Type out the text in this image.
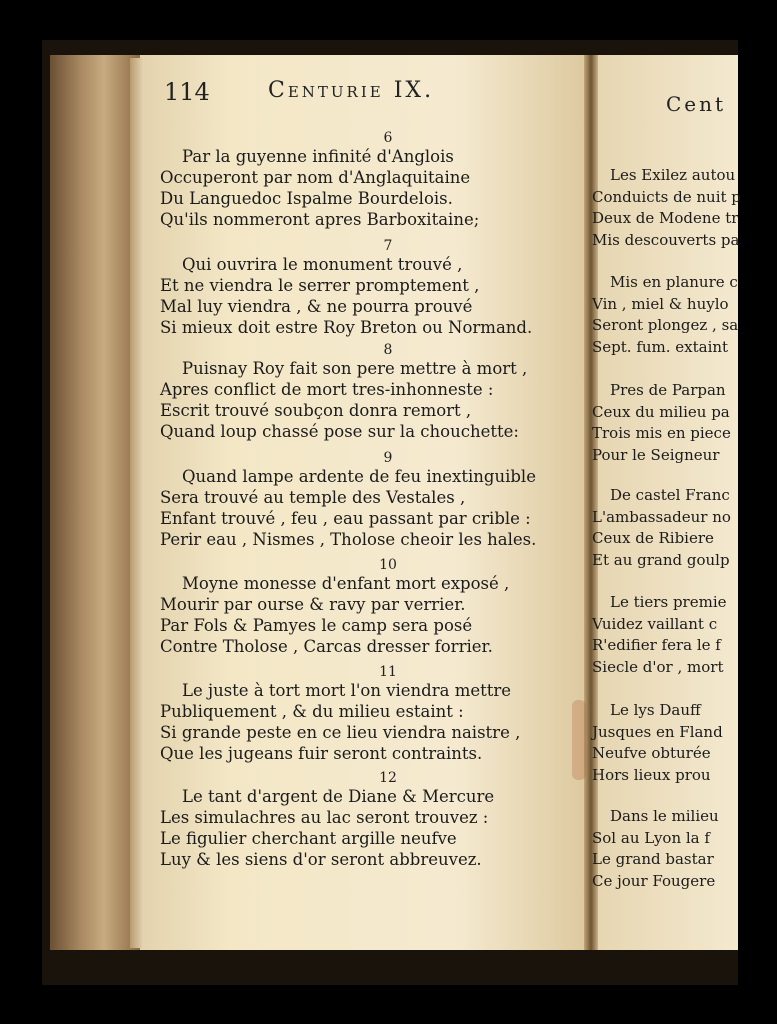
114	Centurie IX.
Cent
6
Par la guyenne infinité d'Anglois
Occuperont par nom d'Anglaquitaine
Du Languedoc Ispalme Bourdelois.
Qu'ils nommeront apres Barboxitaine;
7
Qui ouvrira le monument trouvé ,
Et ne viendra le serrer promptement ,
Mal luy viendra , & ne pourra prouvé
Si mieux doit estre Roy Breton ou Normand.
8
Puisnay Roy fait son pere mettre à mort ,
Apres conflict de mort tres-inhonneste :
Escrit trouvé soubçon donra remort ,
Quand loup chassé pose sur la chouchette:
9
Quand lampe ardente de feu inextinguible
Sera trouvé au temple des Vestales ,
Enfant trouvé , feu , eau passant par crible :
Perir eau , Nismes , Tholose cheoir les hales.
10
Moyne monesse d'enfant mort exposé ,
Mourir par ourse & ravy par verrier.
Par Fols & Pamyes le camp sera posé
Contre Tholose , Carcas dresser forrier.
11
Le juste à tort mort l'on viendra mettre
Publiquement , & du milieu estaint :
Si grande peste en ce lieu viendra naistre ,
Que les jugeans fuir seront contraints.
12
Le tant d'argent de Diane & Mercure
Les simulachres au lac seront trouvez :
Le figulier cherchant argille neufve
Luy & les siens d'or seront abbreuvez.
Les Exilez autou
Conduicts de nuit p
Deux de Modene tr
Mis descouverts pa
Mis en planure c
Vin , miel & huylo
Seront plongez , sa
Sept. fum. extaint
Pres de Parpan
Ceux du milieu pa
Trois mis en piece
Pour le Seigneur
De castel Franc
L'ambassadeur no
Ceux de Ribiere
Et au grand goulp
Le tiers premie
Vuidez vaillant c
R'edifier fera le f
Siecle d'or , mort
Le lys Dauff
Jusques en Fland
Neufve obturée
Hors lieux prou
Dans le milieu
Sol au Lyon la f
Le grand bastar
Ce jour Fougere
